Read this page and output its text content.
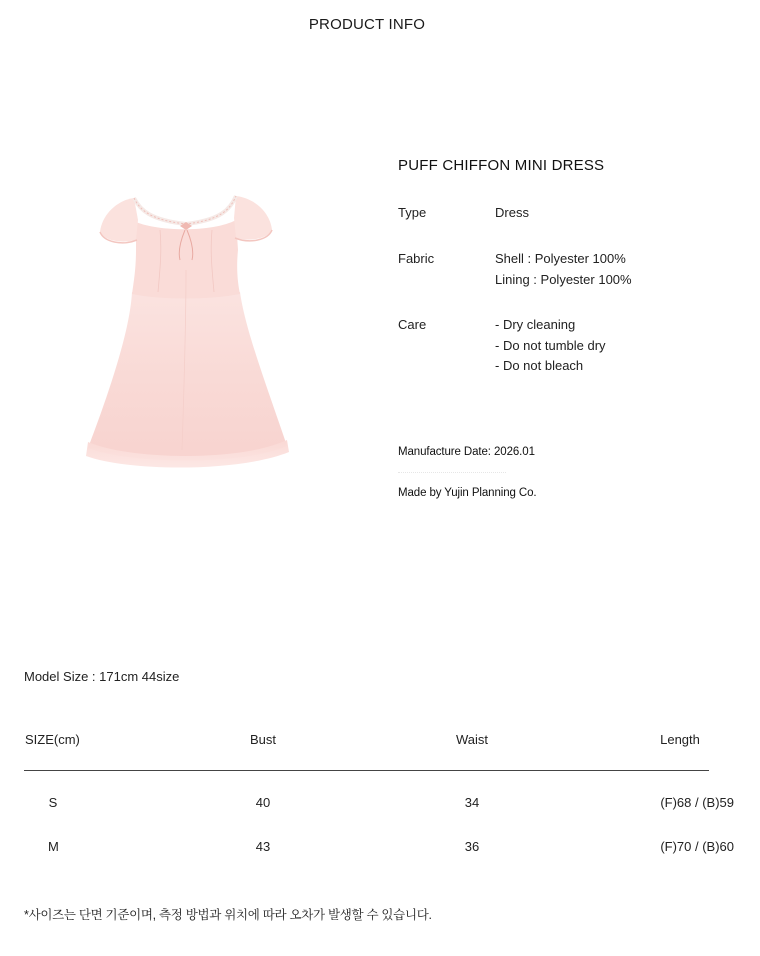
PRODUCT INFO
PUFF CHIFFON MINI DRESS
Type	Dress
Fabric	Shell : Polyester 100%
Lining : Polyester 100%
Care	- Dry cleaning
- Do not tumble dry
- Do not bleach
Manufacture Date: 2026.01
Made by Yujin Planning Co.
Model Size : 171cm 44size
SIZE(cm)	Bust	Waist	Length
S	40	34	(F)68 / (B)59
M	43	36	(F)70 / (B)60
*사이즈는 단면 기준이며, 측정 방법과 위치에 따라 오차가 발생할 수 있습니다.
